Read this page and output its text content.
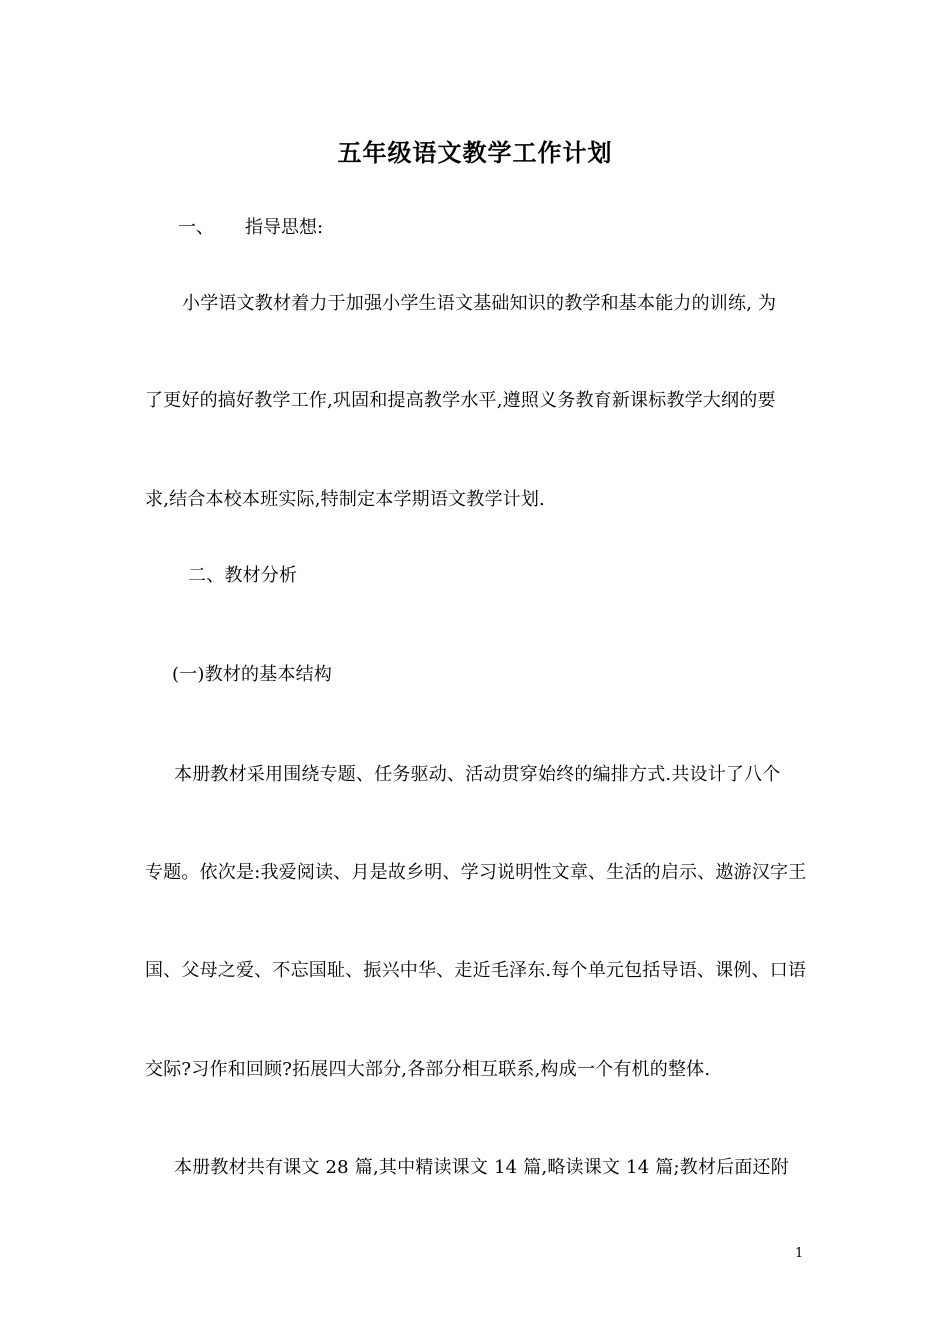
五年级语文教学工作计划
一、 指导思想:
小学语文教材着力于加强小学生语文基础知识的教学和基本能力的训练, 为
了更好的搞好教学工作,巩固和提高教学水平,遵照义务教育新课标教学大纲的要
求,结合本校本班实际,特制定本学期语文教学计划.
二、教材分析
(一)教材的基本结构
本册教材采用围绕专题、任务驱动、活动贯穿始终的编排方式.共设计了八个
专题。依次是:我爱阅读、月是故乡明、学习说明性文章、生活的启示、遨游汉字王
国、父母之爱、不忘国耻、振兴中华、走近毛泽东.每个单元包括导语、课例、口语
交际?习作和回顾?拓展四大部分,各部分相互联系,构成一个有机的整体.
本册教材共有课文 28 篇,其中精读课文 14 篇,略读课文 14 篇;教材后面还附
1
